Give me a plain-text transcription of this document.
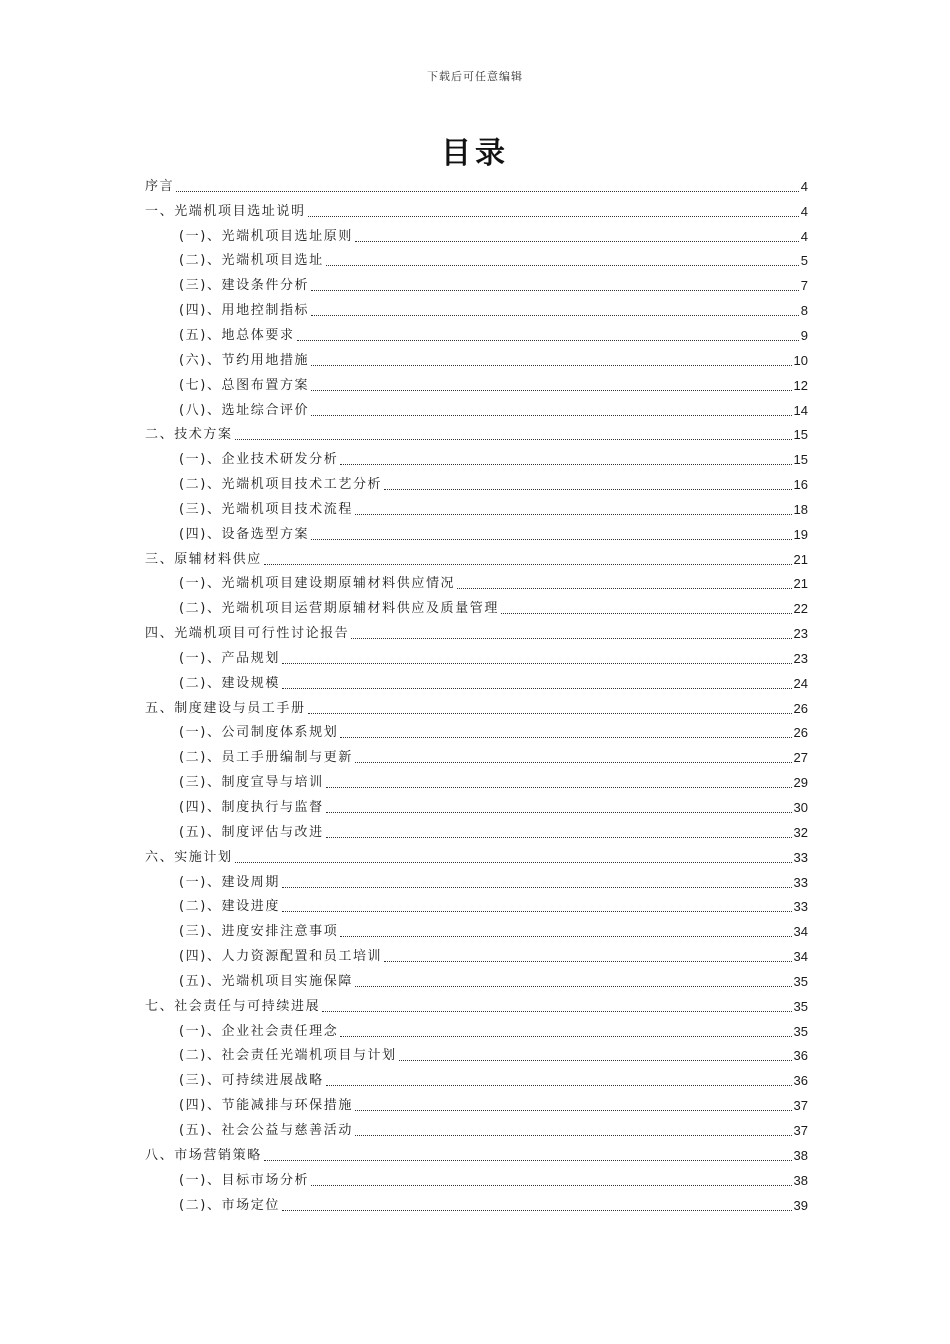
下载后可任意编辑
目录
序言	4
一、光端机项目选址说明	4
(一)、光端机项目选址原则	4
(二)、光端机项目选址	5
(三)、建设条件分析	7
(四)、用地控制指标	8
(五)、地总体要求	9
(六)、节约用地措施	10
(七)、总图布置方案	12
(八)、选址综合评价	14
二、技术方案	15
(一)、企业技术研发分析	15
(二)、光端机项目技术工艺分析	16
(三)、光端机项目技术流程	18
(四)、设备选型方案	19
三、原辅材料供应	21
(一)、光端机项目建设期原辅材料供应情况	21
(二)、光端机项目运营期原辅材料供应及质量管理	22
四、光端机项目可行性讨论报告	23
(一)、产品规划	23
(二)、建设规模	24
五、制度建设与员工手册	26
(一)、公司制度体系规划	26
(二)、员工手册编制与更新	27
(三)、制度宣导与培训	29
(四)、制度执行与监督	30
(五)、制度评估与改进	32
六、实施计划	33
(一)、建设周期	33
(二)、建设进度	33
(三)、进度安排注意事项	34
(四)、人力资源配置和员工培训	34
(五)、光端机项目实施保障	35
七、社会责任与可持续进展	35
(一)、企业社会责任理念	35
(二)、社会责任光端机项目与计划	36
(三)、可持续进展战略	36
(四)、节能减排与环保措施	37
(五)、社会公益与慈善活动	37
八、市场营销策略	38
(一)、目标市场分析	38
(二)、市场定位	39
